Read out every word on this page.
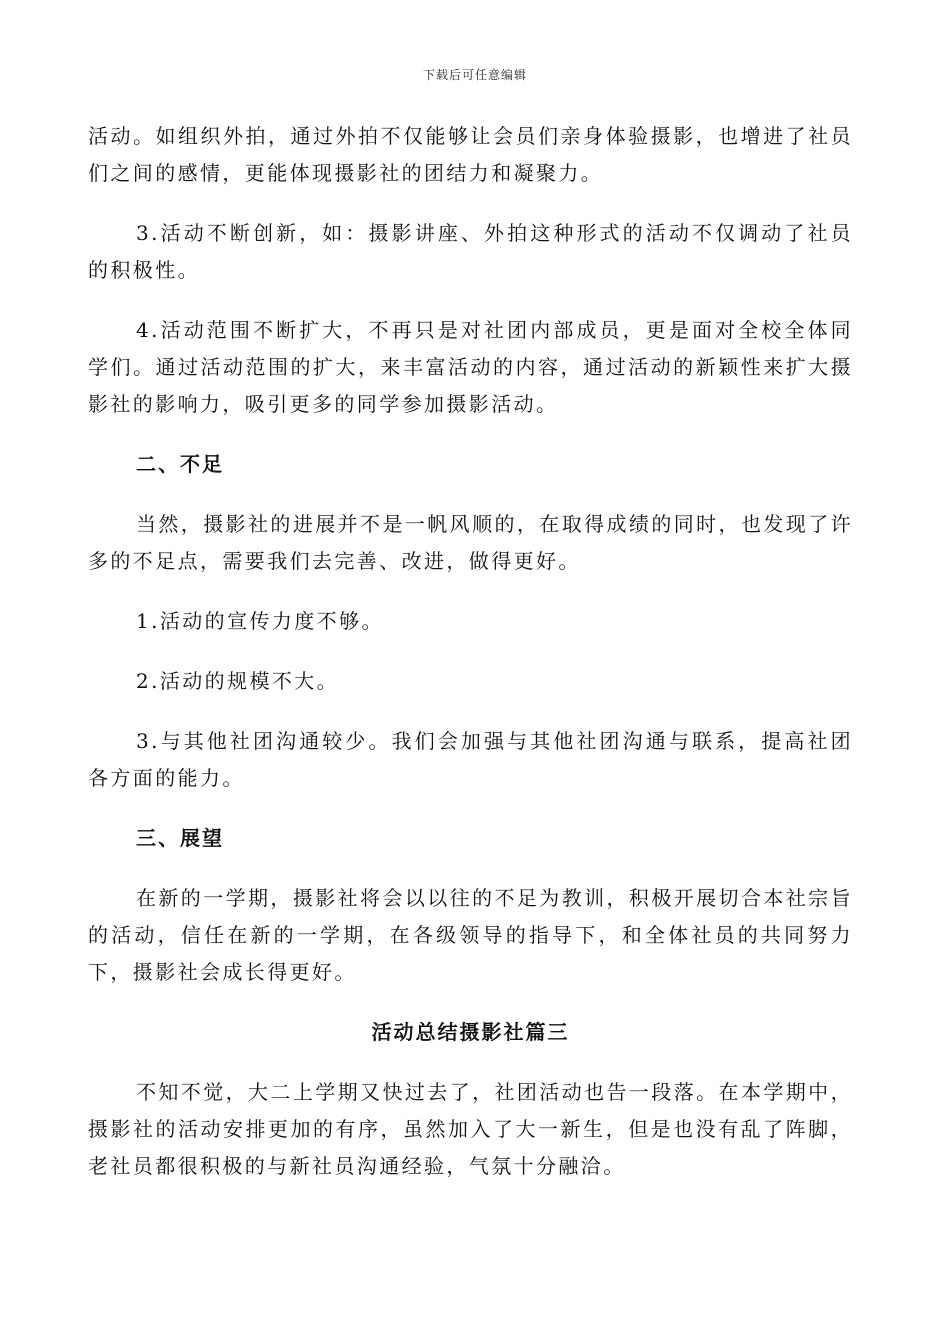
下载后可任意编辑

活动。如组织外拍，通过外拍不仅能够让会员们亲身体验摄影，也增进了社员们之间的感情，更能体现摄影社的团结力和凝聚力。

3.活动不断创新，如：摄影讲座、外拍这种形式的活动不仅调动了社员的积极性。

4.活动范围不断扩大，不再只是对社团内部成员，更是面对全校全体同学们。通过活动范围的扩大，来丰富活动的内容，通过活动的新颖性来扩大摄影社的影响力，吸引更多的同学参加摄影活动。

二、不足

当然，摄影社的进展并不是一帆风顺的，在取得成绩的同时，也发现了许多的不足点，需要我们去完善、改进，做得更好。

1.活动的宣传力度不够。

2.活动的规模不大。

3.与其他社团沟通较少。我们会加强与其他社团沟通与联系，提高社团各方面的能力。

三、展望

在新的一学期，摄影社将会以以往的不足为教训，积极开展切合本社宗旨的活动，信任在新的一学期，在各级领导的指导下，和全体社员的共同努力下，摄影社会成长得更好。

活动总结摄影社篇三

不知不觉，大二上学期又快过去了，社团活动也告一段落。在本学期中，摄影社的活动安排更加的有序，虽然加入了大一新生，但是也没有乱了阵脚，老社员都很积极的与新社员沟通经验，气氛十分融洽。
